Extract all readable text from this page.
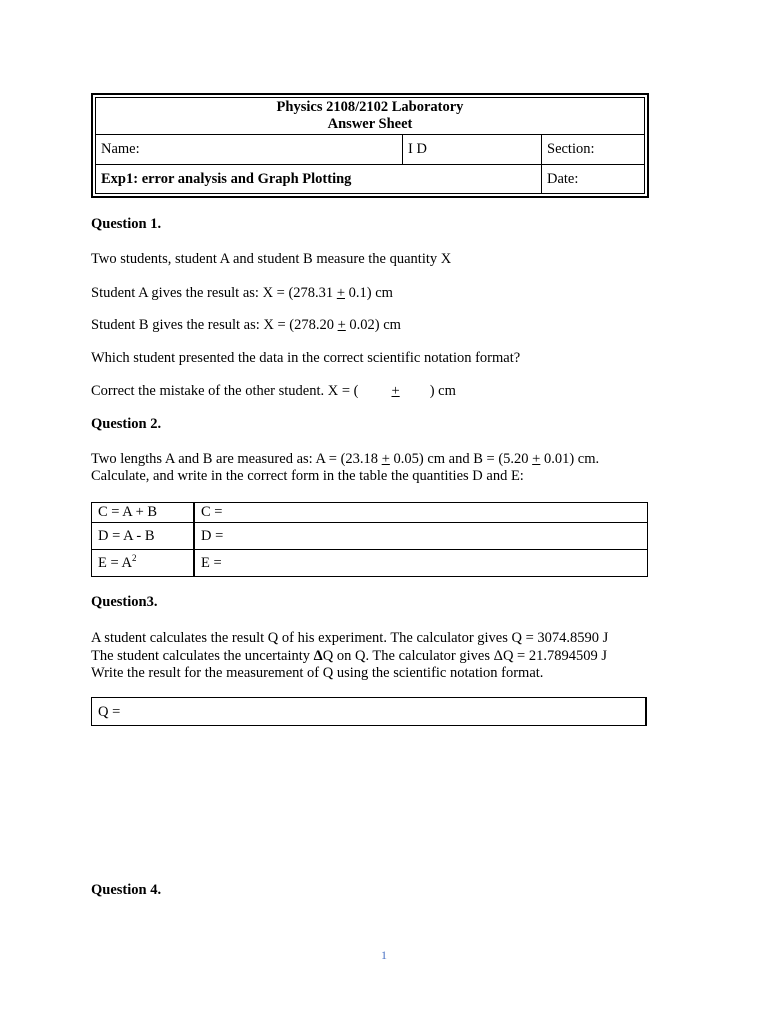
Physics 2108/2102 Laboratory
Answer Sheet		

Name:	I D	Section:
Exp1: error analysis and Graph Plotting		Date:
Question 1.
Two students, student A and student B measure the quantity X
Student A gives the result as: X = (278.31 + 0.1) cm
Student B gives the result as: X = (278.20 + 0.02) cm
Which student presented the data in the correct scientific notation format?
Correct the mistake of the other student. X = ( + ) cm
Question 2.
Two lengths A and B are measured as: A = (23.18 + 0.05) cm and B = (5.20 + 0.01) cm.
Calculate, and write in the correct form in the table the quantities D and E:
C = A + B	C =
D = A - B	D =
$E = A^2$	E =
Question3.
A student calculates the result Q of his experiment. The calculator gives Q = 3074.8590 J
The student calculates the uncertainty ΔQ on Q. The calculator gives ΔQ = 21.7894509 J
Write the result for the measurement of Q using the scientific notation format.
Q =
Question 4.
1
